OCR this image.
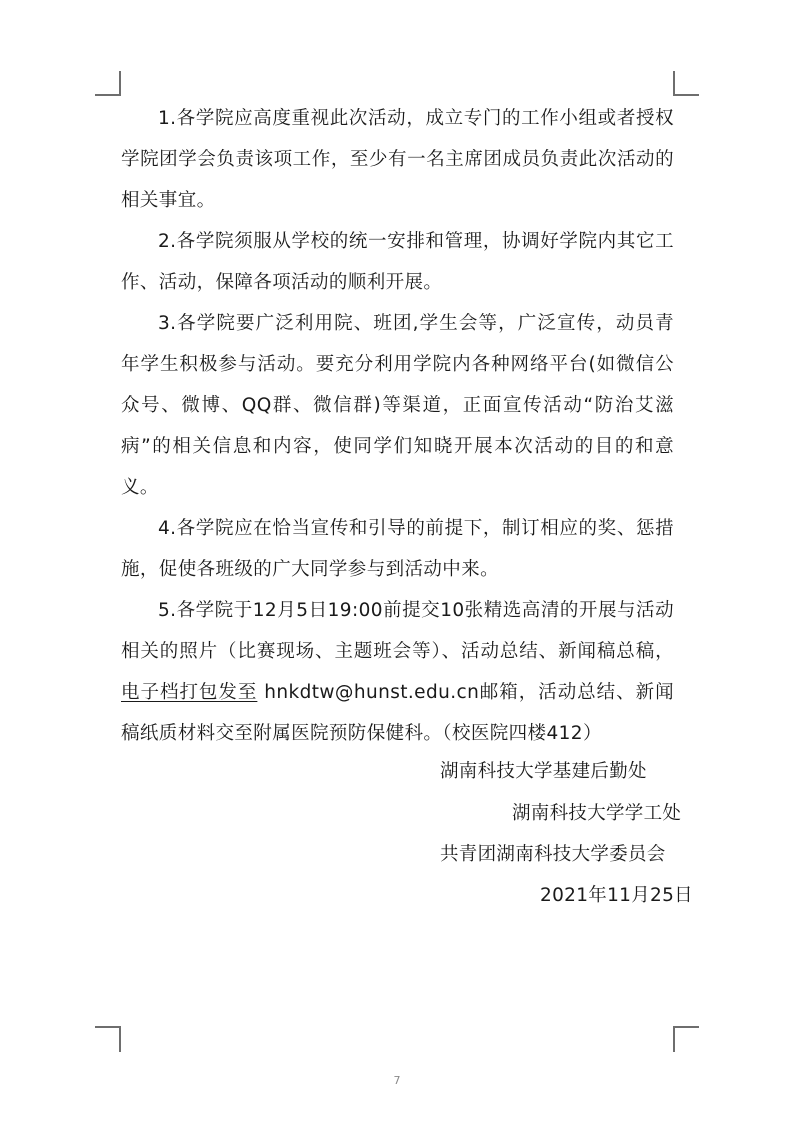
1.各学院应高度重视此次活动，成立专门的工作小组或者授权学院团学会负责该项工作，至少有一名主席团成员负责此次活动的相关事宜。

2.各学院须服从学校的统一安排和管理，协调好学院内其它工作、活动，保障各项活动的顺利开展。

3.各学院要广泛利用院、班团,学生会等，广泛宣传，动员青年学生积极参与活动。要充分利用学院内各种网络平台(如微信公众号、微博、QQ群、微信群)等渠道，正面宣传活动“防治艾滋病”的相关信息和内容，使同学们知晓开展本次活动的目的和意义。

4.各学院应在恰当宣传和引导的前提下，制订相应的奖、惩措施，促使各班级的广大同学参与到活动中来。

5.各学院于12月5日19:00前提交10张精选高清的开展与活动相关的照片（比赛现场、主题班会等）、活动总结、新闻稿总稿，电子档打包发至 hnkdtw@hunst.edu.cn邮箱，活动总结、新闻稿纸质材料交至附属医院预防保健科。（校医院四楼412）

湖南科技大学基建后勤处
湖南科技大学学工处
共青团湖南科技大学委员会
2021年11月25日
7
